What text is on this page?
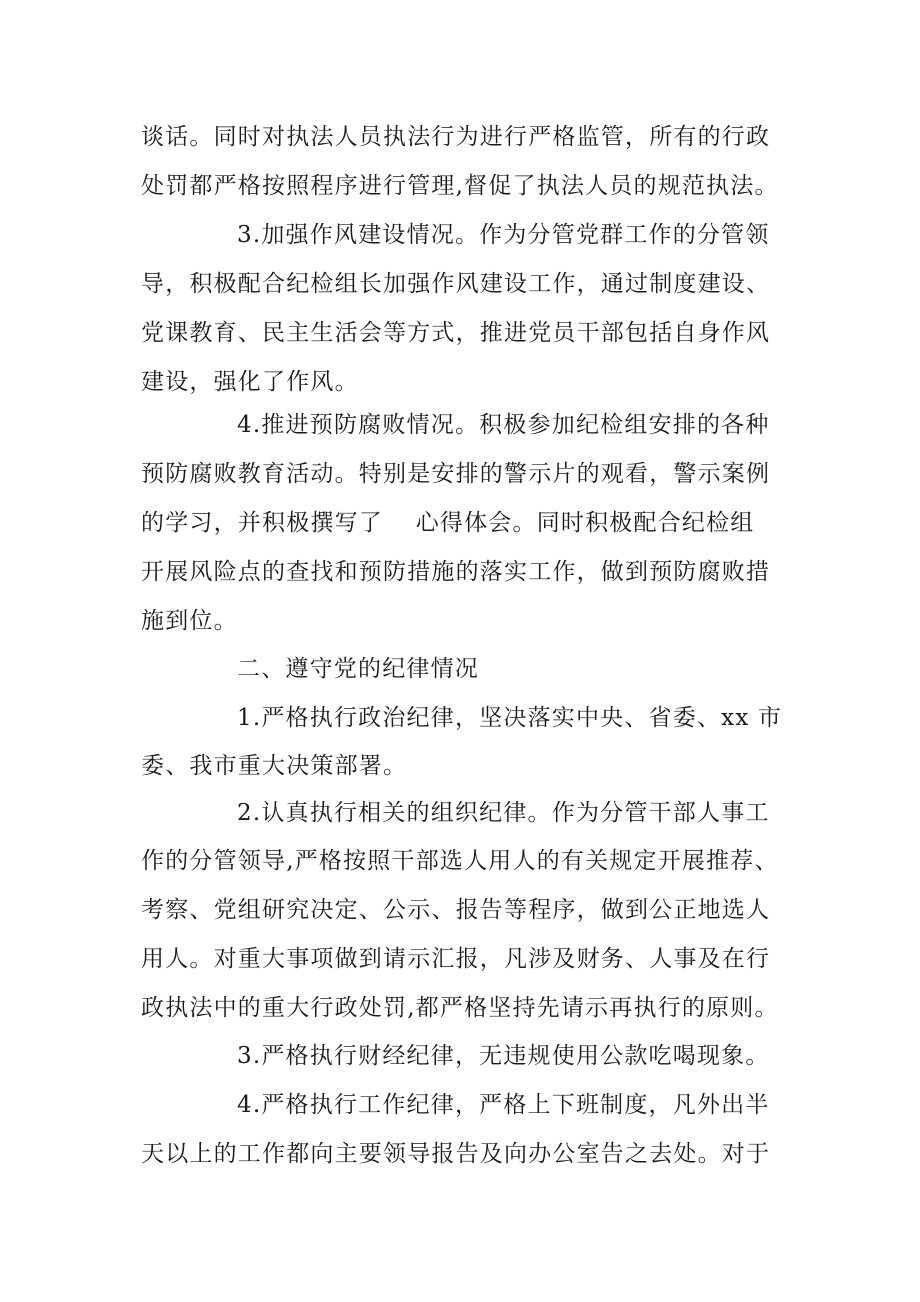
谈话。同时对执法人员执法行为进行严格监管，所有的行政
处罚都严格按照程序进行管理,督促了执法人员的规范执法。
3.加强作风建设情况。作为分管党群工作的分管领
导，积极配合纪检组长加强作风建设工作，通过制度建设、
党课教育、民主生活会等方式，推进党员干部包括自身作风
建设，强化了作风。
4.推进预防腐败情况。积极参加纪检组安排的各种
预防腐败教育活动。特别是安排的警示片的观看，警示案例
的学习，并积极撰写了　 心得体会。同时积极配合纪检组
开展风险点的查找和预防措施的落实工作，做到预防腐败措
施到位。
二、遵守党的纪律情况
1.严格执行政治纪律，坚决落实中央、省委、xx 市
委、我市重大决策部署。
2.认真执行相关的组织纪律。作为分管干部人事工
作的分管领导,严格按照干部选人用人的有关规定开展推荐、
考察、党组研究决定、公示、报告等程序，做到公正地选人
用人。对重大事项做到请示汇报，凡涉及财务、人事及在行
政执法中的重大行政处罚,都严格坚持先请示再执行的原则。
3.严格执行财经纪律，无违规使用公款吃喝现象。
4.严格执行工作纪律，严格上下班制度，凡外出半
天以上的工作都向主要领导报告及向办公室告之去处。对于
